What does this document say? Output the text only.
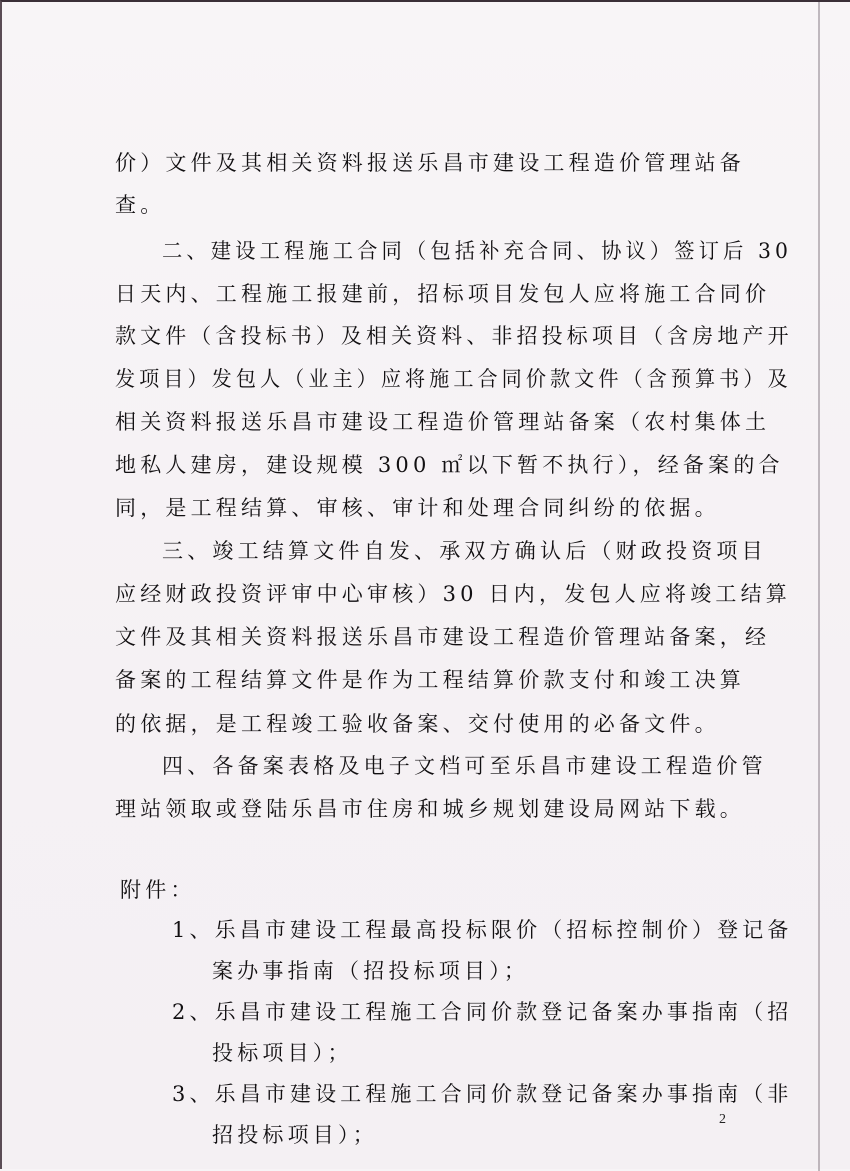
价）文件及其相关资料报送乐昌市建设工程造价管理站备
查。
二、建设工程施工合同（包括补充合同、协议）签订后 30
日天内、工程施工报建前，招标项目发包人应将施工合同价
款文件（含投标书）及相关资料、非招投标项目（含房地产开
发项目）发包人（业主）应将施工合同价款文件（含预算书）及
相关资料报送乐昌市建设工程造价管理站备案（农村集体土
地私人建房，建设规模 300 ㎡以下暂不执行），经备案的合
同，是工程结算、审核、审计和处理合同纠纷的依据。
三、竣工结算文件自发、承双方确认后（财政投资项目
应经财政投资评审中心审核）30 日内，发包人应将竣工结算
文件及其相关资料报送乐昌市建设工程造价管理站备案，经
备案的工程结算文件是作为工程结算价款支付和竣工决算
的依据，是工程竣工验收备案、交付使用的必备文件。
四、各备案表格及电子文档可至乐昌市建设工程造价管
理站领取或登陆乐昌市住房和城乡规划建设局网站下载。
附件：
1、乐昌市建设工程最高投标限价（招标控制价）登记备
案办事指南（招投标项目）；
2、乐昌市建设工程施工合同价款登记备案办事指南（招
投标项目）；
3、乐昌市建设工程施工合同价款登记备案办事指南（非
招投标项目）；
2
